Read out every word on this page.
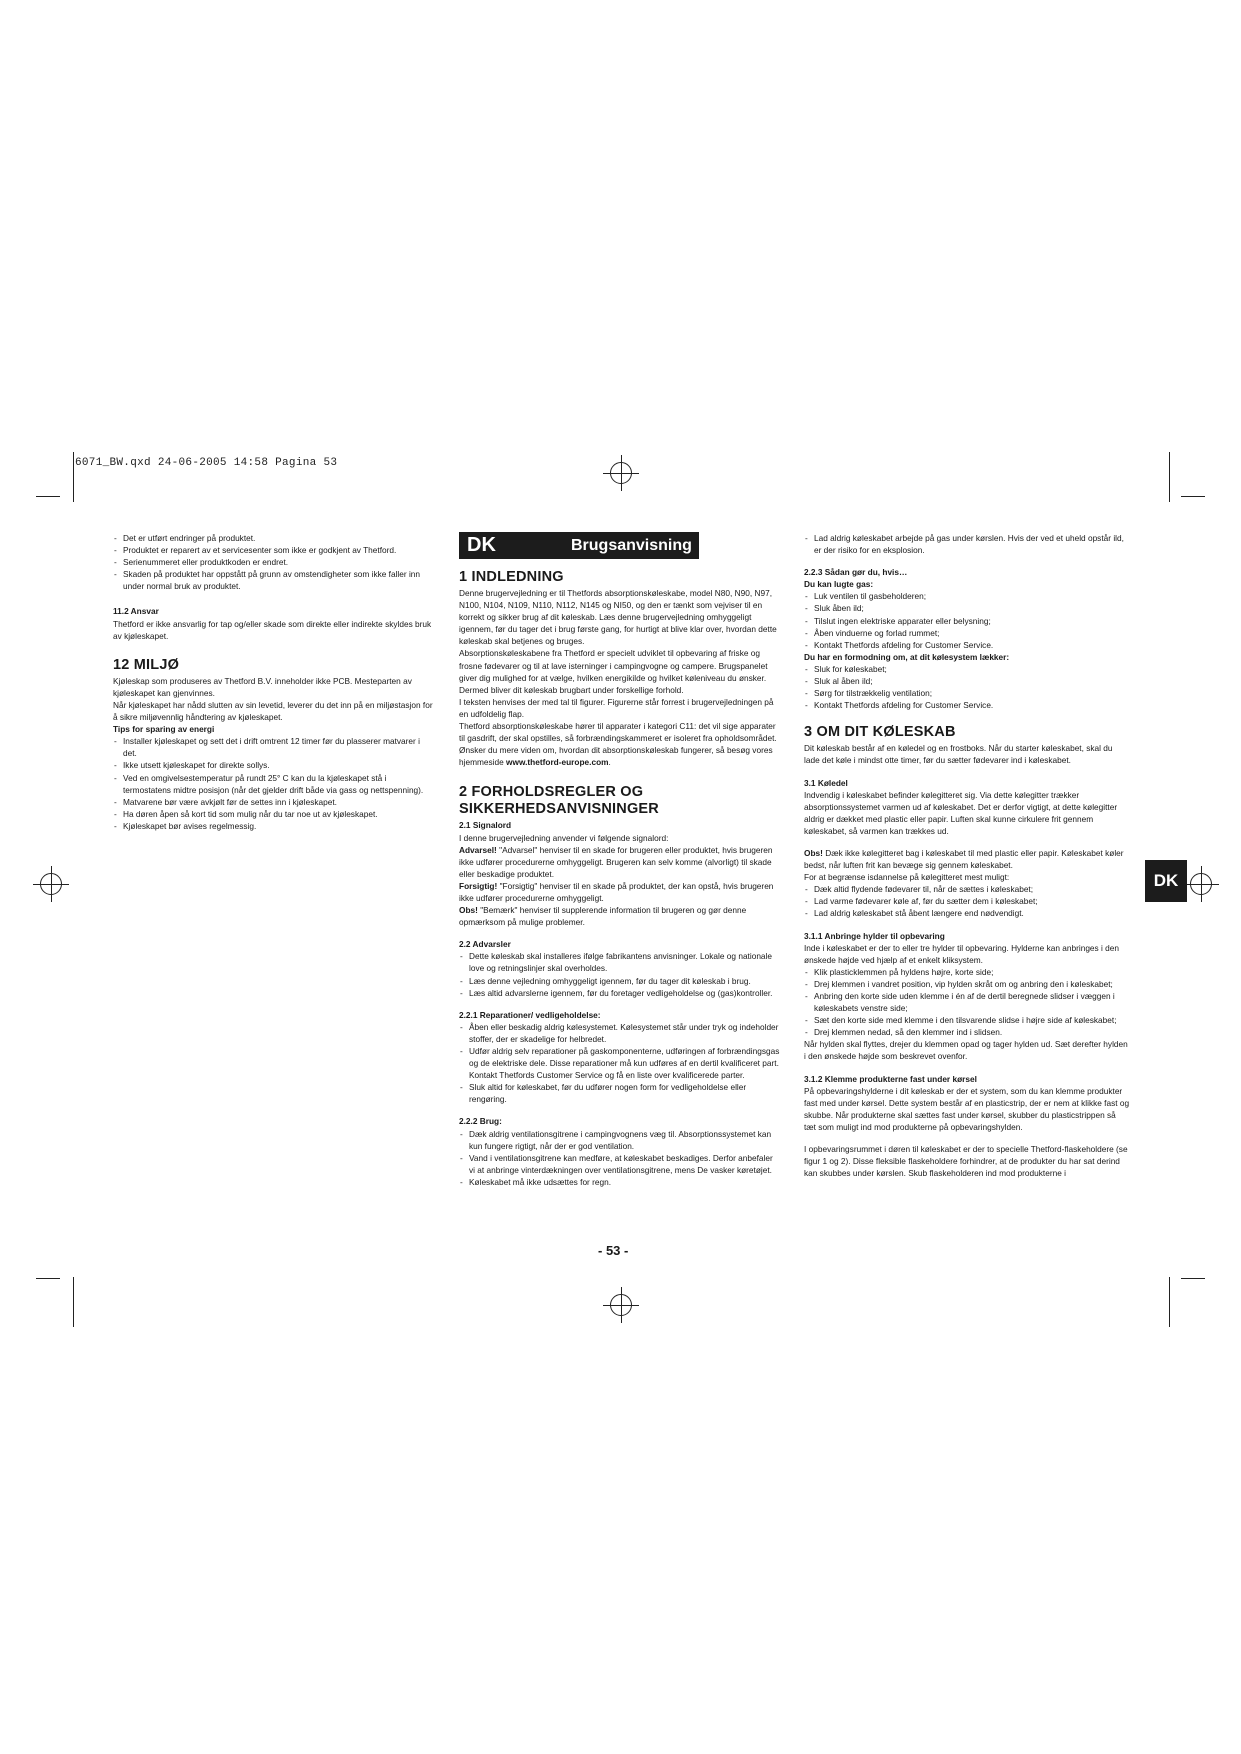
6071_BW.qxd 24-06-2005 14:58 Pagina 53
- Det er utført endringer på produktet.
- Produktet er reparert av et servicesenter som ikke er godkjent av Thetford.
- Serienummeret eller produktkoden er endret.
- Skaden på produktet har oppstått på grunn av omstendigheter som ikke faller inn under normal bruk av produktet.

11.2 Ansvar

Thetford er ikke ansvarlig for tap og/eller skade som direkte eller indirekte skyldes bruk av kjøleskapet.

12 MILJØ

Kjøleskap som produseres av Thetford B.V. inneholder ikke PCB. Mesteparten av kjøleskapet kan gjenvinnes.

Når kjøleskapet har nådd slutten av sin levetid, leverer du det inn på en miljøstasjon for å sikre miljøvennlig håndtering av kjøleskapet.

Tips for sparing av energi

- Installer kjøleskapet og sett det i drift omtrent 12 timer før du plasserer matvarer i det.
- Ikke utsett kjøleskapet for direkte sollys.
- Ved en omgivelsestemperatur på rundt 25° C kan du la kjøleskapet stå i termostatens midtre posisjon (når det gjelder drift både via gass og nettspenning).
- Matvarene bør være avkjølt før de settes inn i kjøleskapet.
- Ha døren åpen så kort tid som mulig når du tar noe ut av kjøleskapet.
- Kjøleskapet bør avises regelmessig.
DK	Brugsanvisning

1 INDLEDNING

Denne brugervejledning er til Thetfords absorptionskøleskabe, model N80, N90, N97, N100, N104, N109, N110, N112, N145 og NI50, og den er tænkt som vejviser til en korrekt og sikker brug af dit køleskab. Læs denne brugervejledning omhyggeligt igennem, før du tager det i brug første gang, for hurtigt at blive klar over, hvordan dette køleskab skal betjenes og bruges.

Absorptionskøleskabene fra Thetford er specielt udviklet til opbevaring af friske og frosne fødevarer og til at lave isterninger i campingvogne og campere. Brugspanelet giver dig mulighed for at vælge, hvilken energikilde og hvilket køleniveau du ønsker. Dermed bliver dit køleskab brugbart under forskellige forhold.

I teksten henvises der med tal til figurer. Figurerne står forrest i brugervejledningen på en udfoldelig flap.

Thetford absorptionskøleskabe hører til apparater i kategori C11: det vil sige apparater til gasdrift, der skal opstilles, så forbrændingskammeret er isoleret fra opholdsområdet.

Ønsker du mere viden om, hvordan dit absorptionskøleskab fungerer, så besøg vores hjemmeside www.thetford-europe.com.

2 FORHOLDSREGLER OG SIKKERHEDSANVISNINGER

2.1 Signalord

I denne brugervejledning anvender vi følgende signalord:

Advarsel! "Advarsel" henviser til en skade for brugeren eller produktet, hvis brugeren ikke udfører procedurerne omhyggeligt. Brugeren kan selv komme (alvorligt) til skade eller beskadige produktet.

Forsigtig! "Forsigtig" henviser til en skade på produktet, der kan opstå, hvis brugeren ikke udfører procedurerne omhyggeligt.

Obs! "Bemærk" henviser til supplerende information til brugeren og gør denne opmærksom på mulige problemer.

2.2 Advarsler

- Dette køleskab skal installeres ifølge fabrikantens anvisninger. Lokale og nationale love og retningslinjer skal overholdes.
- Læs denne vejledning omhyggeligt igennem, før du tager dit køleskab i brug.
- Læs altid advarslerne igennem, før du foretager vedligeholdelse og (gas)kontroller.

2.2.1 Reparationer/ vedligeholdelse:

- Åben eller beskadig aldrig kølesystemet. Kølesystemet står under tryk og indeholder stoffer, der er skadelige for helbredet.
- Udfør aldrig selv reparationer på gaskomponenterne, udføringen af forbrændingsgas og de elektriske dele. Disse reparationer må kun udføres af en dertil kvalificeret part. Kontakt Thetfords Customer Service og få en liste over kvalificerede parter.
- Sluk altid for køleskabet, før du udfører nogen form for vedligeholdelse eller rengøring.

2.2.2 Brug:

- Dæk aldrig ventilationsgitrene i campingvognens væg til. Absorptionssystemet kan kun fungere rigtigt, når der er god ventilation.
- Vand i ventilationsgitrene kan medføre, at køleskabet beskadiges. Derfor anbefaler vi at anbringe vinterdækningen over ventilationsgitrene, mens De vasker køretøjet.
- Køleskabet må ikke udsættes for regn.
- Lad aldrig køleskabet arbejde på gas under kørslen. Hvis der ved et uheld opstår ild, er der risiko for en eksplosion.

2.2.3 Sådan gør du, hvis…

Du kan lugte gas:

- Luk ventilen til gasbeholderen;
- Sluk åben ild;
- Tilslut ingen elektriske apparater eller belysning;
- Åben vinduerne og forlad rummet;
- Kontakt Thetfords afdeling for Customer Service.

Du har en formodning om, at dit kølesystem lækker:

- Sluk for køleskabet;
- Sluk al åben ild;
- Sørg for tilstrækkelig ventilation;
- Kontakt Thetfords afdeling for Customer Service.

3 OM DIT KØLESKAB

Dit køleskab består af en køledel og en frostboks. Når du starter køleskabet, skal du lade det køle i mindst otte timer, før du sætter fødevarer ind i køleskabet.

3.1 Køledel

Indvendig i køleskabet befinder kølegitteret sig. Via dette kølegitter trækker absorptionssystemet varmen ud af køleskabet. Det er derfor vigtigt, at dette kølegitter aldrig er dækket med plastic eller papir. Luften skal kunne cirkulere frit gennem køleskabet, så varmen kan trækkes ud.

Obs! Dæk ikke kølegitteret bag i køleskabet til med plastic eller papir. Køleskabet køler bedst, når luften frit kan bevæge sig gennem køleskabet.

For at begrænse isdannelse på kølegitteret mest muligt:

- Dæk altid flydende fødevarer til, når de sættes i køleskabet;
- Lad varme fødevarer køle af, før du sætter dem i køleskabet;
- Lad aldrig køleskabet stå åbent længere end nødvendigt.

3.1.1 Anbringe hylder til opbevaring

Inde i køleskabet er der to eller tre hylder til opbevaring. Hylderne kan anbringes i den ønskede højde ved hjælp af et enkelt kliksystem.

- Klik plasticklemmen på hyldens højre, korte side;
- Drej klemmen i vandret position, vip hylden skråt om og anbring den i køleskabet;
- Anbring den korte side uden klemme i én af de dertil beregnede slidser i væggen i køleskabets venstre side;
- Sæt den korte side med klemme i den tilsvarende slidse i højre side af køleskabet;
- Drej klemmen nedad, så den klemmer ind i slidsen.

Når hylden skal flyttes, drejer du klemmen opad og tager hylden ud. Sæt derefter hylden i den ønskede højde som beskrevet ovenfor.

3.1.2 Klemme produkterne fast under kørsel

På opbevaringshylderne i dit køleskab er der et system, som du kan klemme produkter fast med under kørsel. Dette system består af en plasticstrip, der er nem at klikke fast og skubbe. Når produkterne skal sættes fast under kørsel, skubber du plasticstrippen så tæt som muligt ind mod produkterne på opbevaringshylden.

I opbevaringsrummet i døren til køleskabet er der to specielle Thetford-flaskeholdere (se figur 1 og 2). Disse fleksible flaskeholdere forhindrer, at de produkter du har sat derind kan skubbes under kørslen. Skub flaskeholderen ind mod produkterne i

DK
- 53 -
